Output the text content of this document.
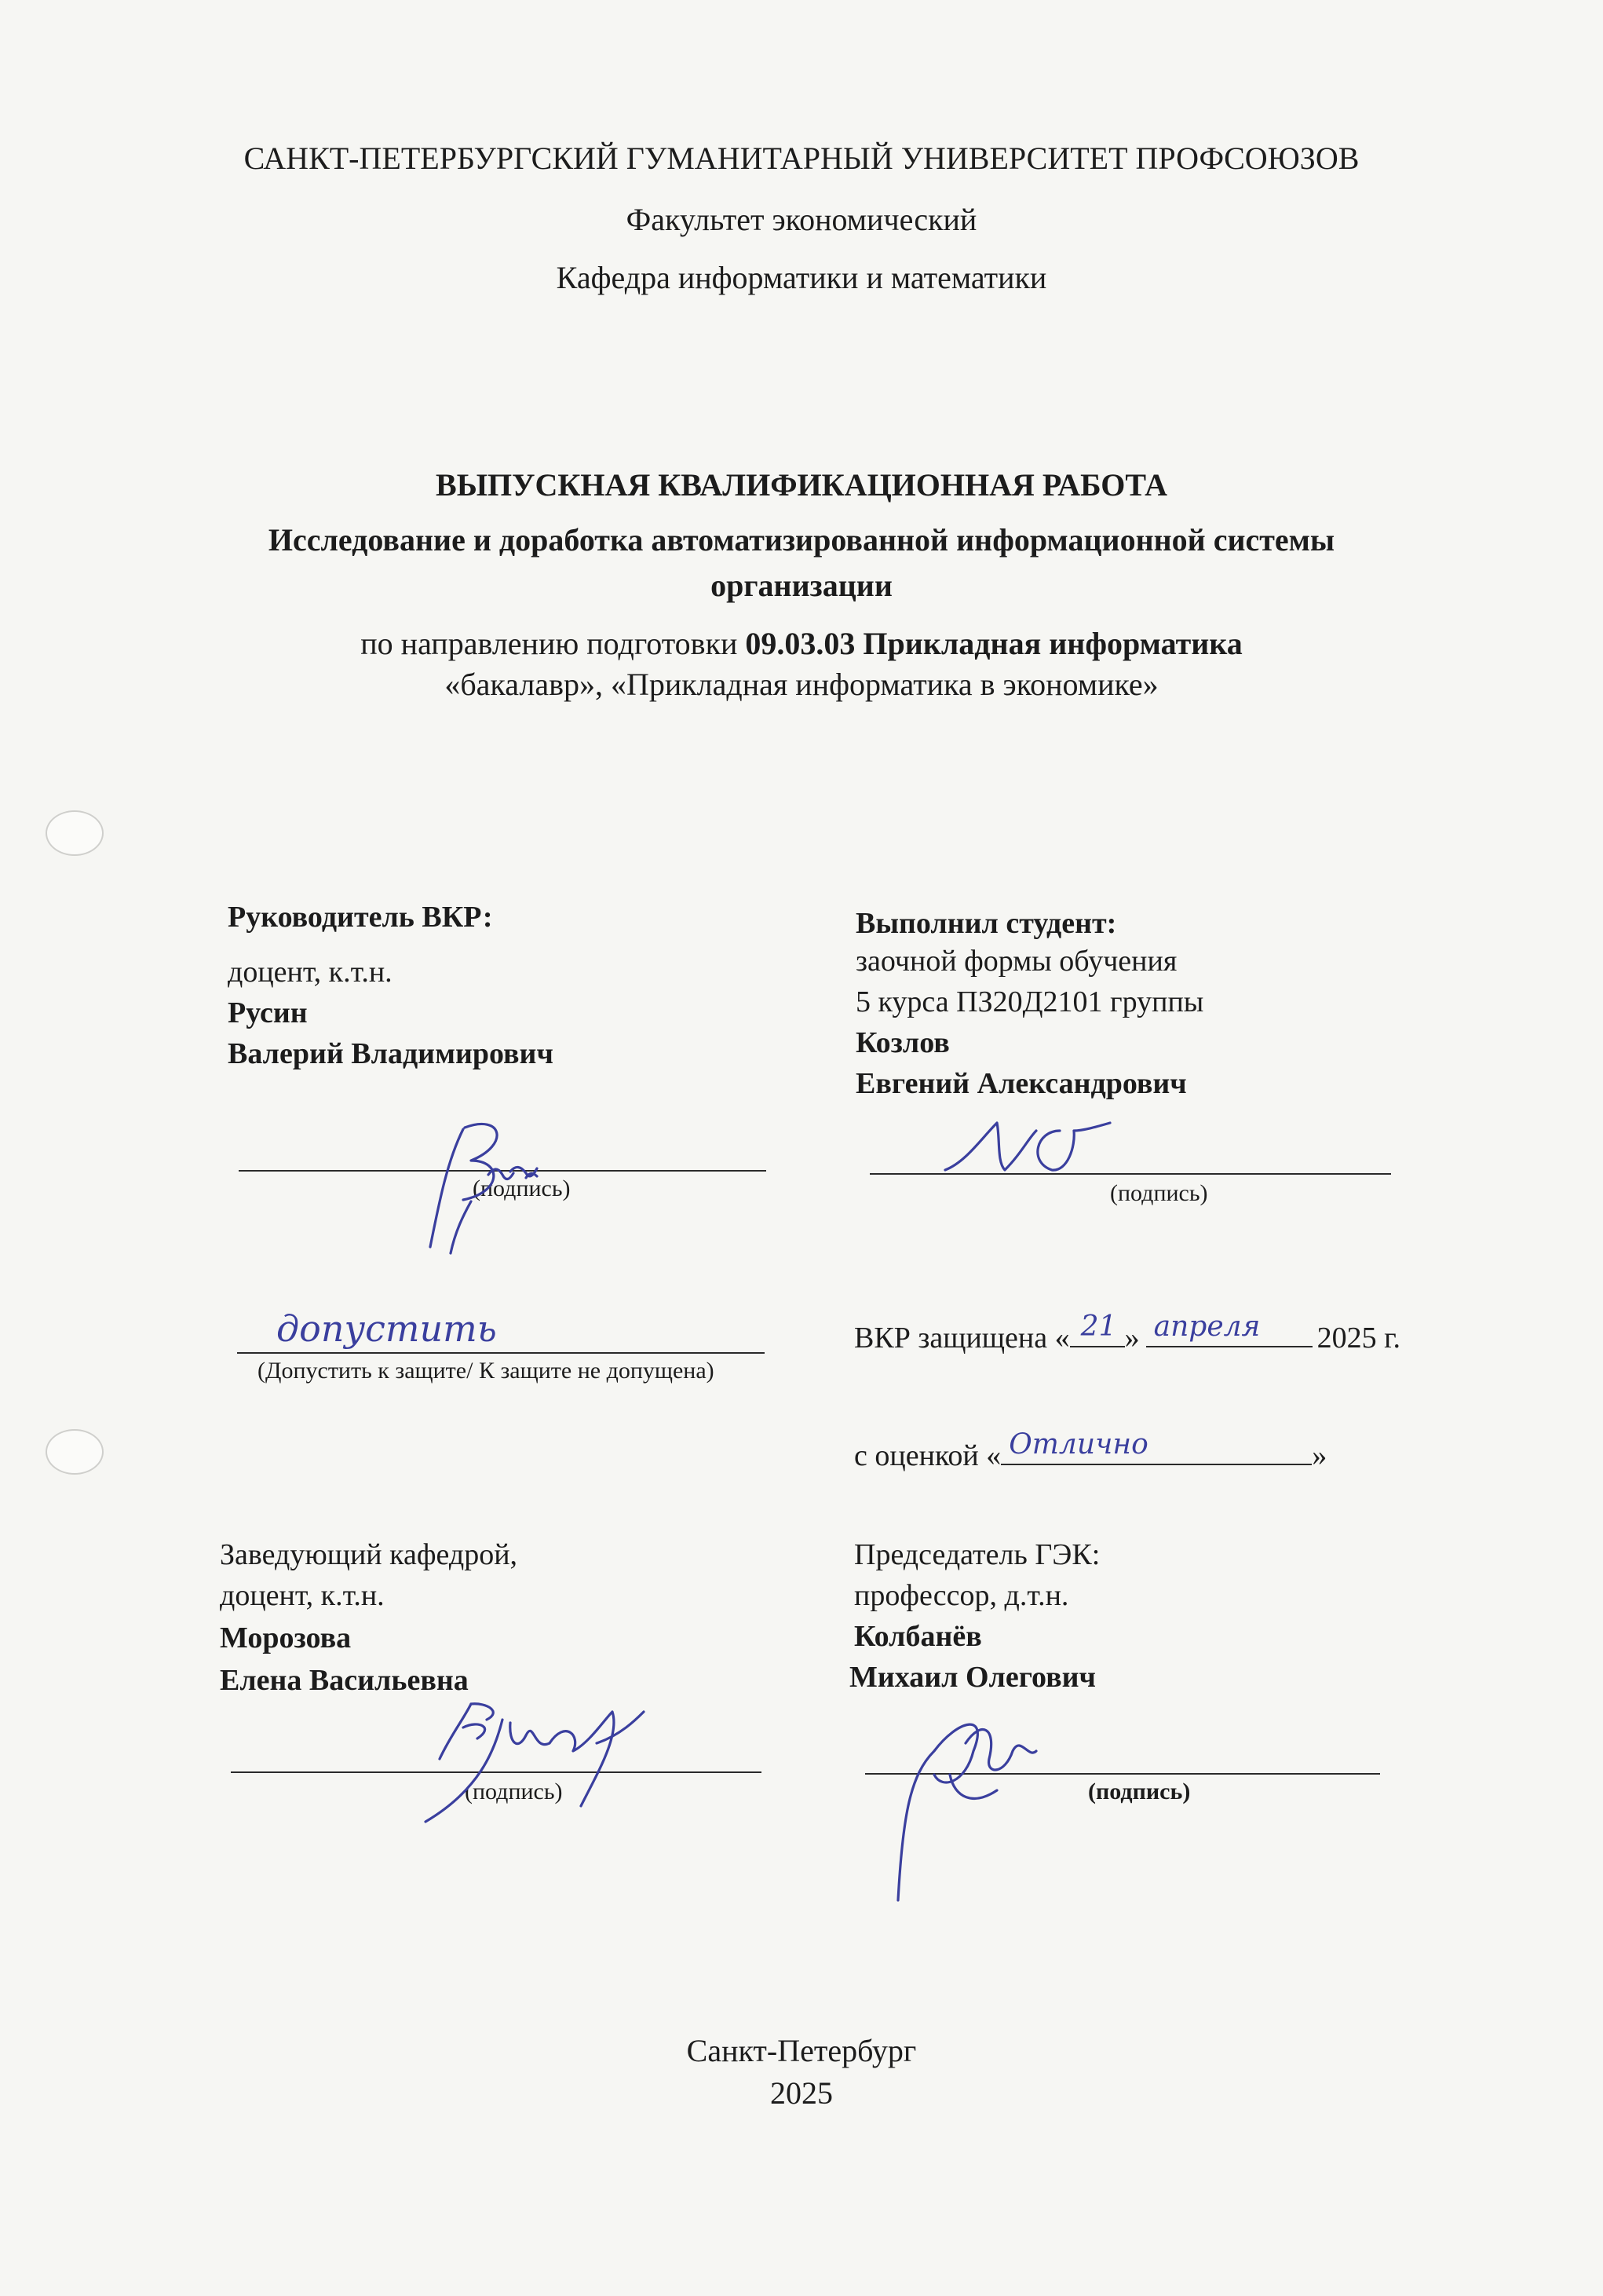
САНКТ-ПЕТЕРБУРГСКИЙ ГУМАНИТАРНЫЙ УНИВЕРСИТЕТ ПРОФСОЮЗОВ
Факультет экономический
Кафедра информатики и математики
ВЫПУСКНАЯ КВАЛИФИКАЦИОННАЯ РАБОТА
Исследование и доработка автоматизированной информационной системы
организации
по направлению подготовки 09.03.03 Прикладная информатика
«бакалавр», «Прикладная информатика в экономике»
Руководитель ВКР:
доцент, к.т.н.
Русин
Валерий Владимирович
(подпись)
Выполнил студент:
заочной формы обучения
5 курса ПЗ20Д2101 группы
Козлов
Евгений Александрович
(подпись)
допустить
(Допустить к защите/ К защите не допущена)
ВКР защищена « 21 » апреля 2025 г.
с оценкой « Отлично	»
Заведующий кафедрой,
доцент, к.т.н.
Морозова
Елена Васильевна
(подпись)
Председатель ГЭК:
профессор, д.т.н.
Колбанёв
Михаил Олегович
(подпись)
Санкт-Петербург
2025
